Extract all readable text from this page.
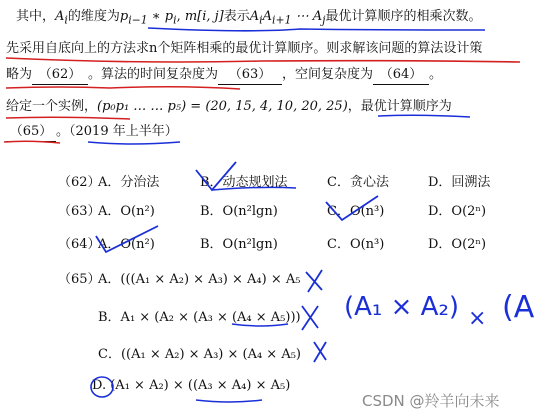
其中，$A_i$的维度为$p_{i-1}$ ∗ $p_i$, m[i, j]表示$A_iA_{i+1}$ ⋯ $A_j$最优计算顺序的相乘次数。
先采用自底向上的方法求n个矩阵相乘的最优计算顺序。则求解该问题的算法设计策
略为 （62） 。算法的时间复杂度为 （63） ，空间复杂度为 （64） 。
给定一个实例，(p₀p₁ … … p₅) = (20, 15, 4, 10, 20, 25)，最优计算顺序为
（65） 。（2019 年上半年）
（62）
A．分治法	B．动态规划法	C．贪心法	D．回溯法
（63）
A．O(n²)	B．O(n²lgn)	C．O(n³)	D．O(2ⁿ)
（64）
A．O(n²)	B．O(n²lgn)	C．O(n³)	D．O(2ⁿ)
（65）
A．(((A₁ × A₂) × A₃) × A₄) × A₅
B．A₁ × (A₂ × (A₃ × (A₄ × A₅)))
C．((A₁ × A₂) × A₃) × (A₄ × A₅)
D. (A₁ × A₂) × ((A₃ × A₄) × A₅)
(A₁ × A₂) × (A
CSDN @羚羊向未来
